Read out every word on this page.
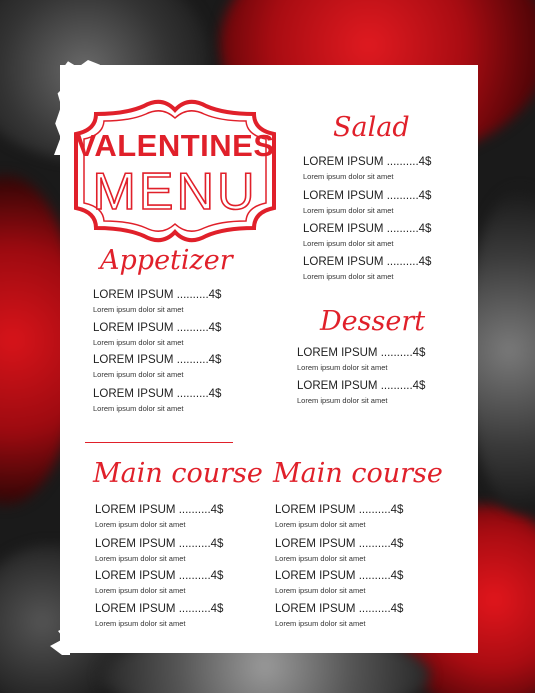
VALENTINES
MENU
Salad
LOREM IPSUM ..........4$
Lorem ipsum dolor sit amet
LOREM IPSUM ..........4$
Lorem ipsum dolor sit amet
LOREM IPSUM ..........4$
Lorem ipsum dolor sit amet
LOREM IPSUM ..........4$
Lorem ipsum dolor sit amet
Appetizer
LOREM IPSUM ..........4$
Lorem ipsum dolor sit amet
LOREM IPSUM ..........4$
Lorem ipsum dolor sit amet
LOREM IPSUM ..........4$
Lorem ipsum dolor sit amet
LOREM IPSUM ..........4$
Lorem ipsum dolor sit amet
Dessert
LOREM IPSUM ..........4$
Lorem ipsum dolor sit amet
LOREM IPSUM ..........4$
Lorem ipsum dolor sit amet
Main course
LOREM IPSUM ..........4$
Lorem ipsum dolor sit amet
LOREM IPSUM ..........4$
Lorem ipsum dolor sit amet
LOREM IPSUM ..........4$
Lorem ipsum dolor sit amet
LOREM IPSUM ..........4$
Lorem ipsum dolor sit amet
Main course
LOREM IPSUM ..........4$
Lorem ipsum dolor sit amet
LOREM IPSUM ..........4$
Lorem ipsum dolor sit amet
LOREM IPSUM ..........4$
Lorem ipsum dolor sit amet
LOREM IPSUM ..........4$
Lorem ipsum dolor sit amet
